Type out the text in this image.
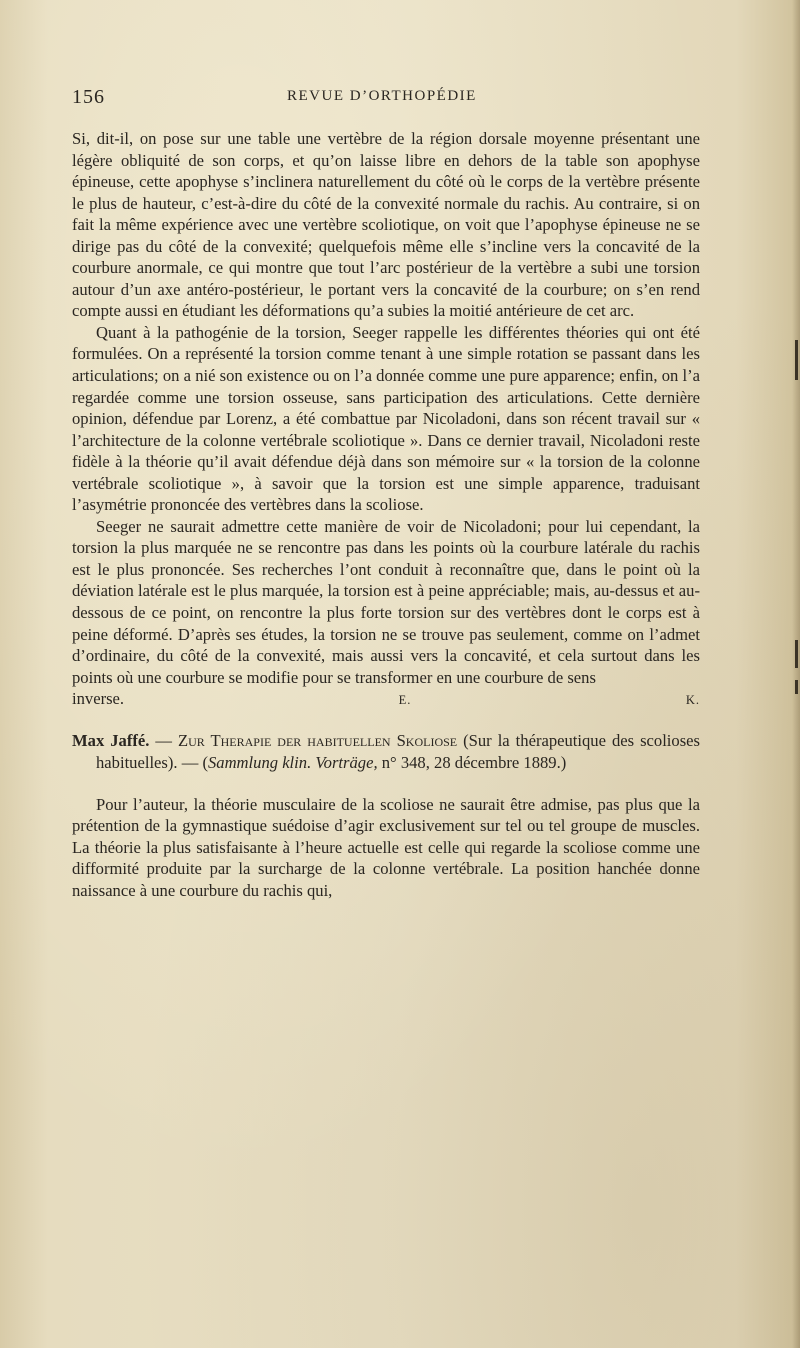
156	REVUE D’ORTHOPÉDIE

Si, dit-il, on pose sur une table une vertèbre de la région dorsale moyenne présentant une légère obliquité de son corps, et qu’on laisse libre en dehors de la table son apophyse épineuse, cette apophyse s’inclinera naturellement du côté où le corps de la vertèbre présente le plus de hauteur, c’est-à-dire du côté de la convexité normale du rachis. Au contraire, si on fait la même expérience avec une vertèbre scoliotique, on voit que l’apophyse épineuse ne se dirige pas du côté de la convexité; quelquefois même elle s’incline vers la concavité de la courbure anormale, ce qui montre que tout l’arc postérieur de la vertèbre a subi une torsion autour d’un axe antéro-postérieur, le portant vers la concavité de la courbure; on s’en rend compte aussi en étudiant les déformations qu’a subies la moitié antérieure de cet arc.

Quant à la pathogénie de la torsion, Seeger rappelle les différentes théories qui ont été formulées. On a représenté la torsion comme tenant à une simple rotation se passant dans les articulations; on a nié son existence ou on l’a donnée comme une pure apparence; enfin, on l’a regardée comme une torsion osseuse, sans participation des articulations. Cette dernière opinion, défendue par Lorenz, a été combattue par Nicoladoni, dans son récent travail sur « l’architecture de la colonne vertébrale scoliotique ». Dans ce dernier travail, Nicoladoni reste fidèle à la théorie qu’il avait défendue déjà dans son mémoire sur « la torsion de la colonne vertébrale scoliotique », à savoir que la torsion est une simple apparence, traduisant l’asymétrie prononcée des vertèbres dans la scoliose.

Seeger ne saurait admettre cette manière de voir de Nicoladoni; pour lui cependant, la torsion la plus marquée ne se rencontre pas dans les points où la courbure latérale du rachis est le plus prononcée. Ses recherches l’ont conduit à reconnaître que, dans le point où la déviation latérale est le plus marquée, la torsion est à peine appréciable; mais, au-dessus et au-dessous de ce point, on rencontre la plus forte torsion sur des vertèbres dont le corps est à peine déformé. D’après ses études, la torsion ne se trouve pas seulement, comme on l’admet d’ordinaire, du côté de la convexité, mais aussi vers la concavité, et cela surtout dans les points où une courbure se modifie pour se transformer en une courbure de sens

inverse.	E. K.

Max Jaffé. — Zur Therapie der habituellen Skoliose (Sur la thérapeutique des scolioses habituelles). — (Sammlung klin. Vorträge, n° 348, 28 décembre 1889.)

Pour l’auteur, la théorie musculaire de la scoliose ne saurait être admise, pas plus que la prétention de la gymnastique suédoise d’agir exclusivement sur tel ou tel groupe de muscles. La théorie la plus satisfaisante à l’heure actuelle est celle qui regarde la scoliose comme une difformité produite par la surcharge de la colonne vertébrale. La position hanchée donne naissance à une courbure du rachis qui,
